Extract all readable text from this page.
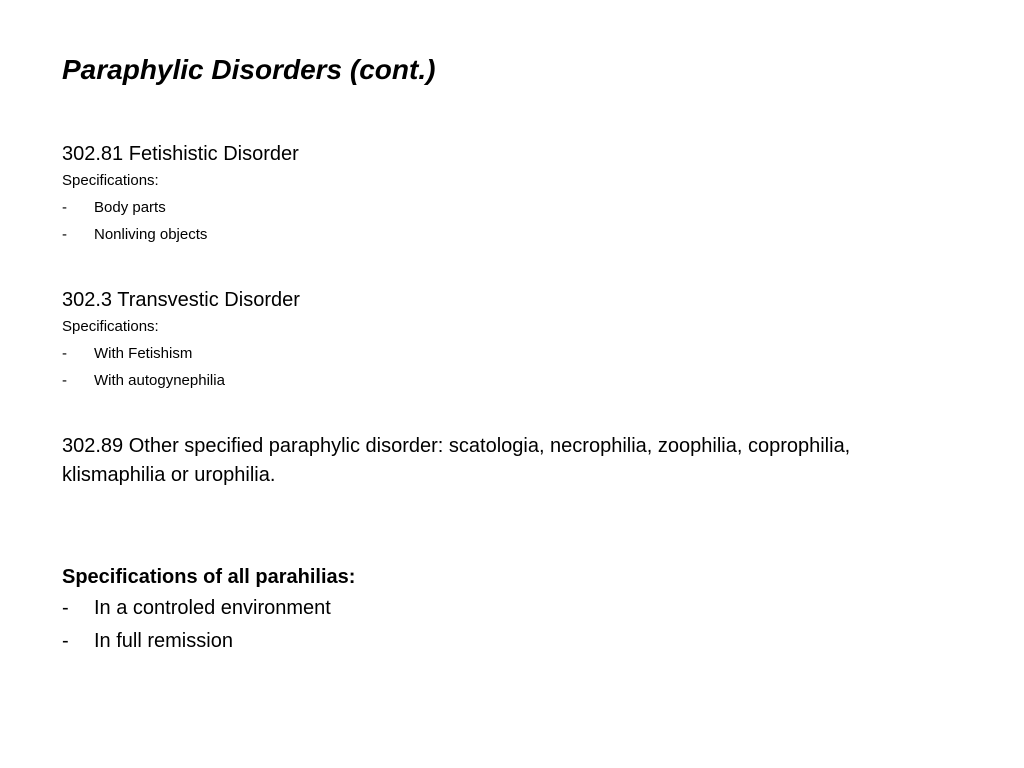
Paraphylic Disorders (cont.)

302.81 Fetishistic Disorder

Specifications:

-	Body parts
-	Nonliving objects

302.3 Transvestic Disorder

Specifications:

-	With Fetishism
-	With autogynephilia

302.89 Other specified paraphylic disorder: scatologia, necrophilia, zoophilia, coprophilia, klismaphilia or urophilia.

Specifications of all parahilias:

-	In a controled environment
-	In full remission
